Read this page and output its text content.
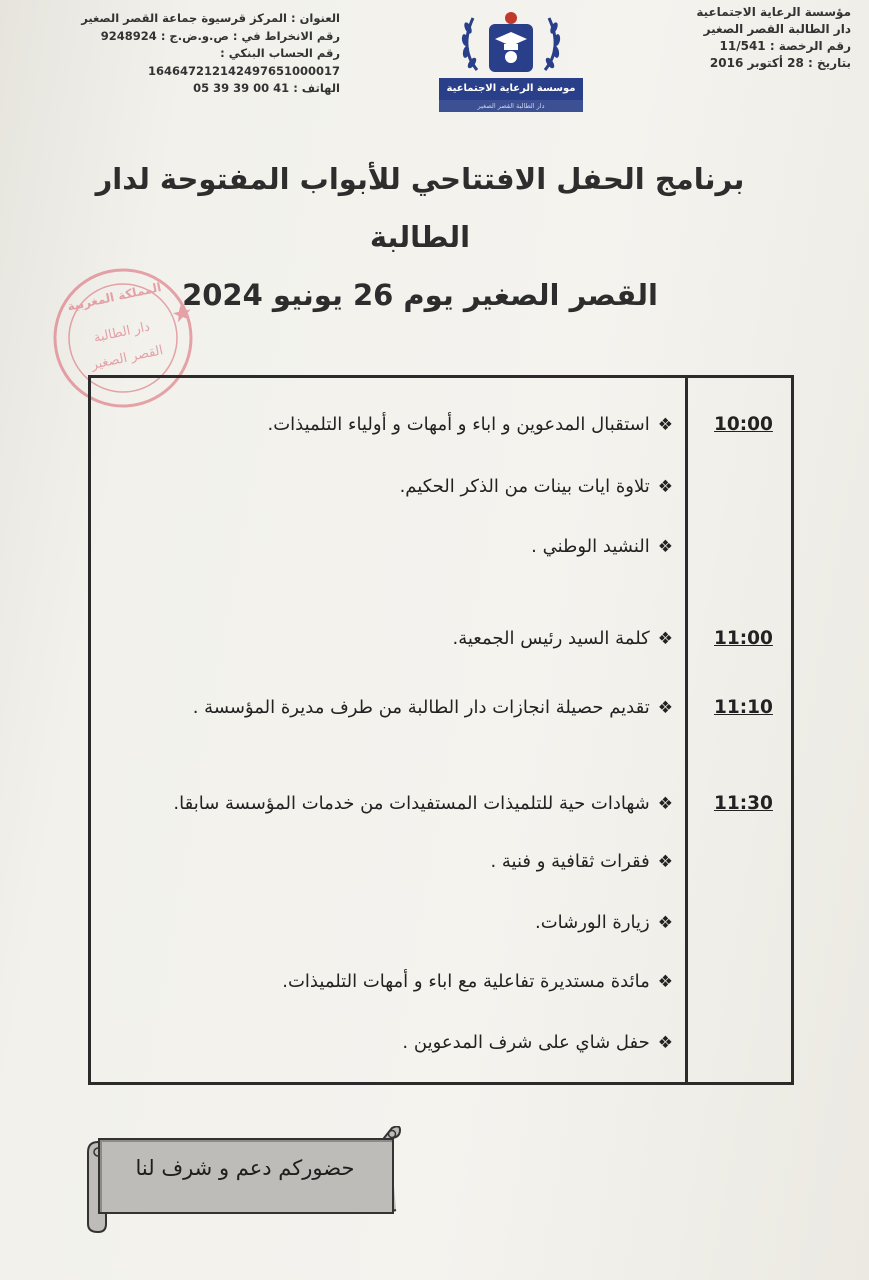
مؤسسة الرعاية الاجتماعية
دار الطالبة القصر الصغير
رقم الرخصة : 11/541
بتاريخ : 28 أكتوبر 2016
العنوان : المركز قرسيوة جماعة القصر الصغير
رقم الانخراط في : ص.و.ض.ج : 9248924
رقم الحساب البنكي : 164647212142497651000017
الهاتف : 05 39 39 00 41	موسسة الرعاية الاجتماعية
دار الطالبة القصر الصغير
برنامج الحفل الافتتاحي للأبواب المفتوحة لدار الطالبة
القصر الصغير يوم 26 يونيو 2024
المملكة المغربية
دار الطالبة
القصر الصغير
10:00
11:00
11:10
11:30
❖استقبال المدعوين و اباء و أمهات و أولياء التلميذات.
❖تلاوة ايات بينات من الذكر الحكيم.
❖النشيد الوطني .
❖كلمة السيد رئيس الجمعية.
❖تقديم حصيلة انجازات دار الطالبة من طرف مديرة المؤسسة .
❖شهادات حية للتلميذات المستفيدات من خدمات المؤسسة سابقا.
❖فقرات ثقافية و فنية .
❖زيارة الورشات.
❖مائدة مستديرة تفاعلية مع اباء و أمهات التلميذات.
❖حفل شاي على شرف المدعوين .
حضوركم دعم و شرف لنا
